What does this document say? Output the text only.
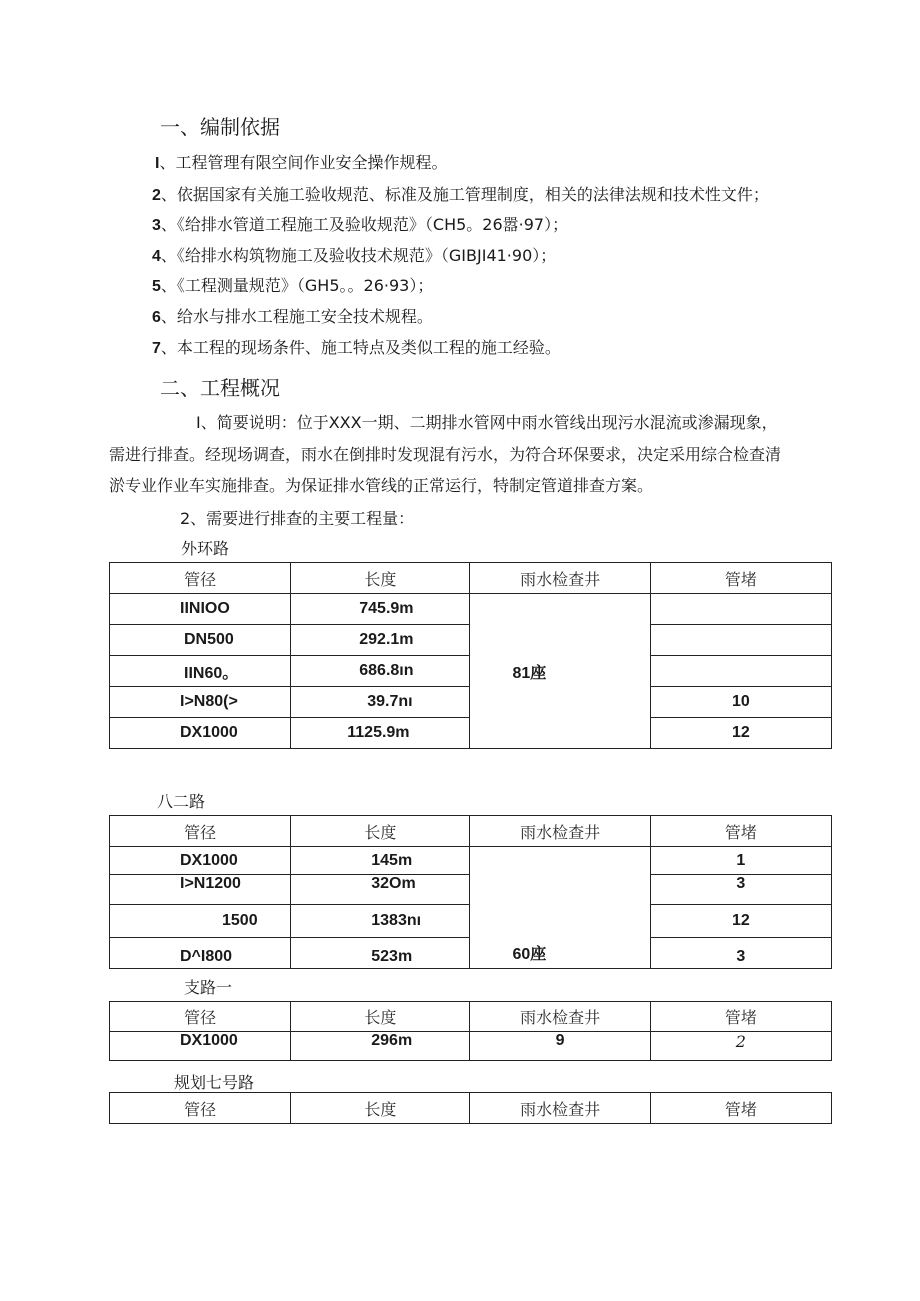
一、编制依据
I、工程管理有限空间作业安全操作规程。
2、依据国家有关施工验收规范、标准及施工管理制度，相关的法律法规和技术性文件；
3、《给排水管道工程施工及验收规范》（CH5。26嚣·97）；
4、《给排水构筑物施工及验收技术规范》（GIBJI41·90）；
5、《工程测量规范》（GH5。。26·93）；
6、给水与排水工程施工安全技术规程。
7、本工程的现场条件、施工特点及类似工程的施工经验。
二、工程概况
I、简要说明：位于XXX一期、二期排水管网中雨水管线出现污水混流或渗漏现象，
需进行排查。经现场调查，雨水在倒排时发现混有污水，为符合环保要求，决定采用综合检查清
淤专业作业车实施排查。为保证排水管线的正常运行，特制定管道排查方案。
2、需要进行排查的主要工程量：
外环路
管径	长度	雨水检查井	管堵
IINIOO	745.9m	81座	
DN500	292.1m		
IIN60。	686.8ın		
I>N80(>	39.7nı		10
DX1000	1125.9m		12
八二路
管径	长度	雨水检查井	管堵
DX1000	145m	60座	1
I>N1200	32Om		3
1500	1383nı		12
D^I800	523m		3
支路一
管径	长度	雨水检查井	管堵
DX1000	296m	9	2
规划七号路
管径	长度	雨水检查井	管堵
